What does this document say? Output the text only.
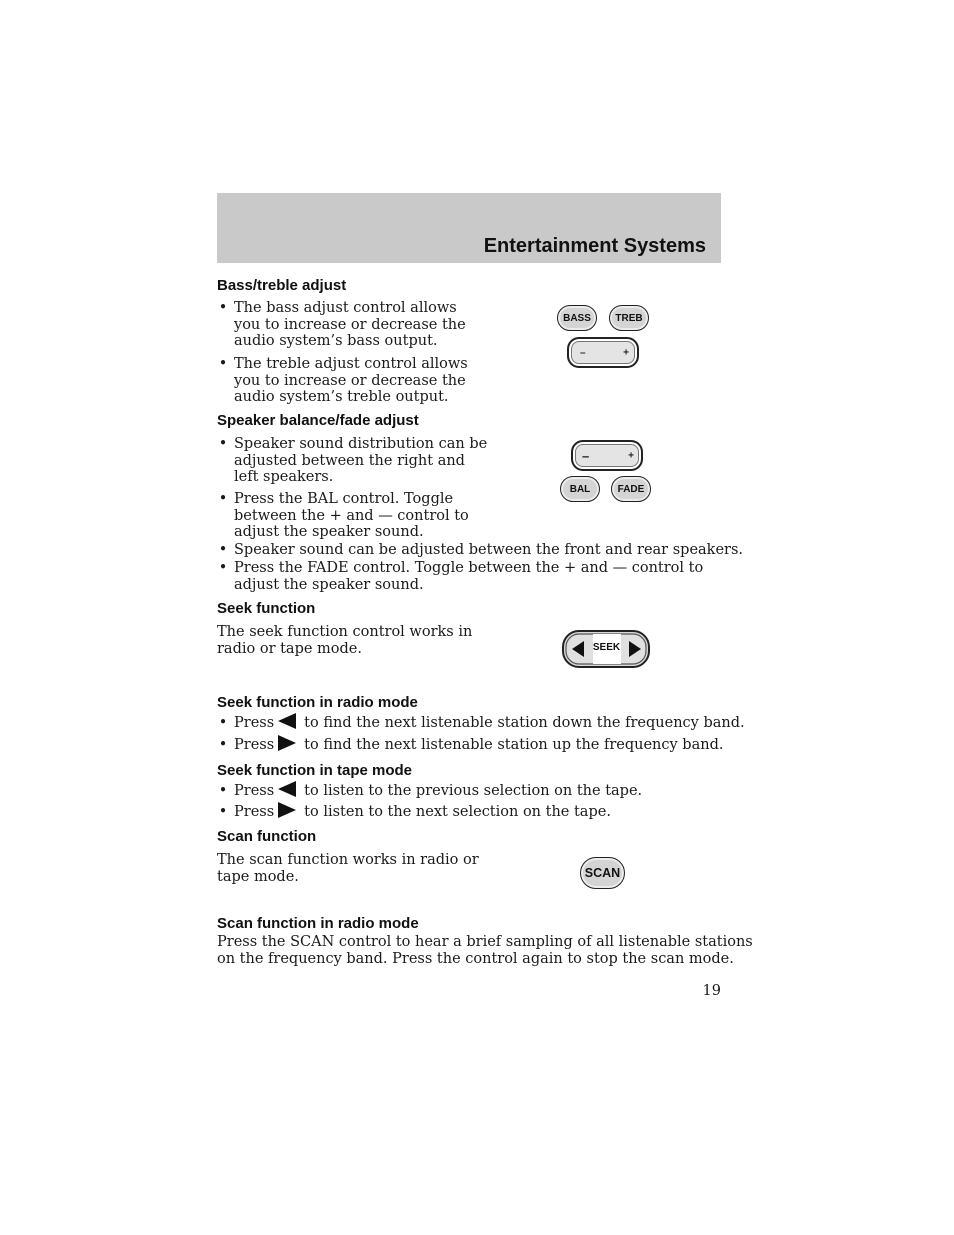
Entertainment Systems
Bass/treble adjust
• The bass adjust control allows
you to increase or decrease the
audio system’s bass output.
• The treble adjust control allows
you to increase or decrease the
audio system’s treble output.
BASS	TREB
–	+
Speaker balance/fade adjust
• Speaker sound distribution can be
adjusted between the right and
left speakers.
• Press the BAL control. Toggle
between the + and — control to
adjust the speaker sound.
• Speaker sound can be adjusted between the front and rear speakers.
• Press the FADE control. Toggle between the + and — control to
adjust the speaker sound.
–	+
BAL	FADE
Seek function
The seek function control works in
radio or tape mode.	SEEK
Seek function in radio mode
• Press to find the next listenable station down the frequency band.
• Press to find the next listenable station up the frequency band.
Seek function in tape mode
• Press to listen to the previous selection on the tape.
• Press to listen to the next selection on the tape.
Scan function
The scan function works in radio or
tape mode.	SCAN
Scan function in radio mode
Press the SCAN control to hear a brief sampling of all listenable stations
on the frequency band. Press the control again to stop the scan mode.
19
